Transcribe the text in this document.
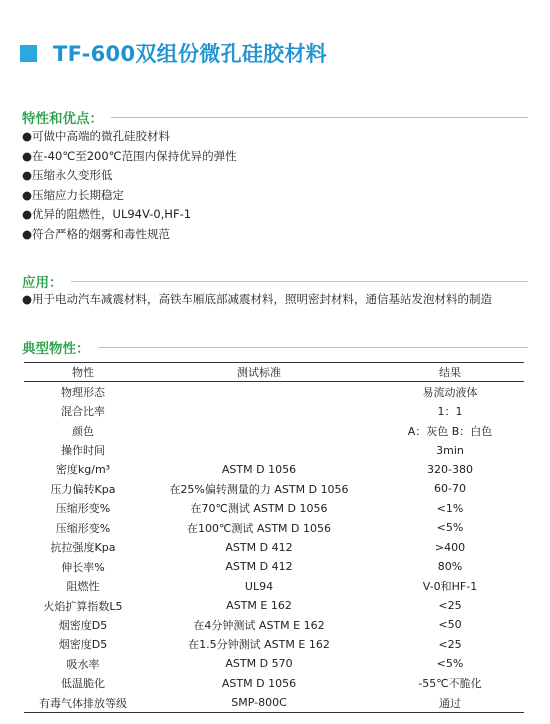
TF-600双组份微孔硅胶材料
特性和优点：
●可做中高端的微孔硅胶材料
●在-40℃至200℃范围内保持优异的弹性
●压缩永久变形低
●压缩应力长期稳定
●优异的阻燃性，UL94V-0,HF-1
●符合严格的烟雾和毒性规范
应用：
●用于电动汽车减震材料，高铁车厢底部减震材料，照明密封材料，通信基站发泡材料的制造
典型物性：
物性	测试标准	结果
物理形态		易流动液体
混合比率		1：1
颜色		A：灰色 B：白色
操作时间		3min
密度kg/m³	ASTM D 1056	320-380
压力偏转Kpa	在25%偏转测量的力 ASTM D 1056	60-70
压缩形变%	在70℃测试 ASTM D 1056	<1%
压缩形变%	在100℃测试 ASTM D 1056	<5%
抗拉强度Kpa	ASTM D 412	>400
伸长率%	ASTM D 412	80%
阻燃性	UL94	V-0和HF-1
火焰扩算指数L5	ASTM E 162	<25
烟密度D5	在4分钟测试 ASTM E 162	<50
烟密度D5	在1.5分钟测试 ASTM E 162	<25
吸水率	ASTM D 570	<5%
低温脆化	ASTM D 1056	-55℃不脆化
有毒气体排放等级	SMP-800C	通过
